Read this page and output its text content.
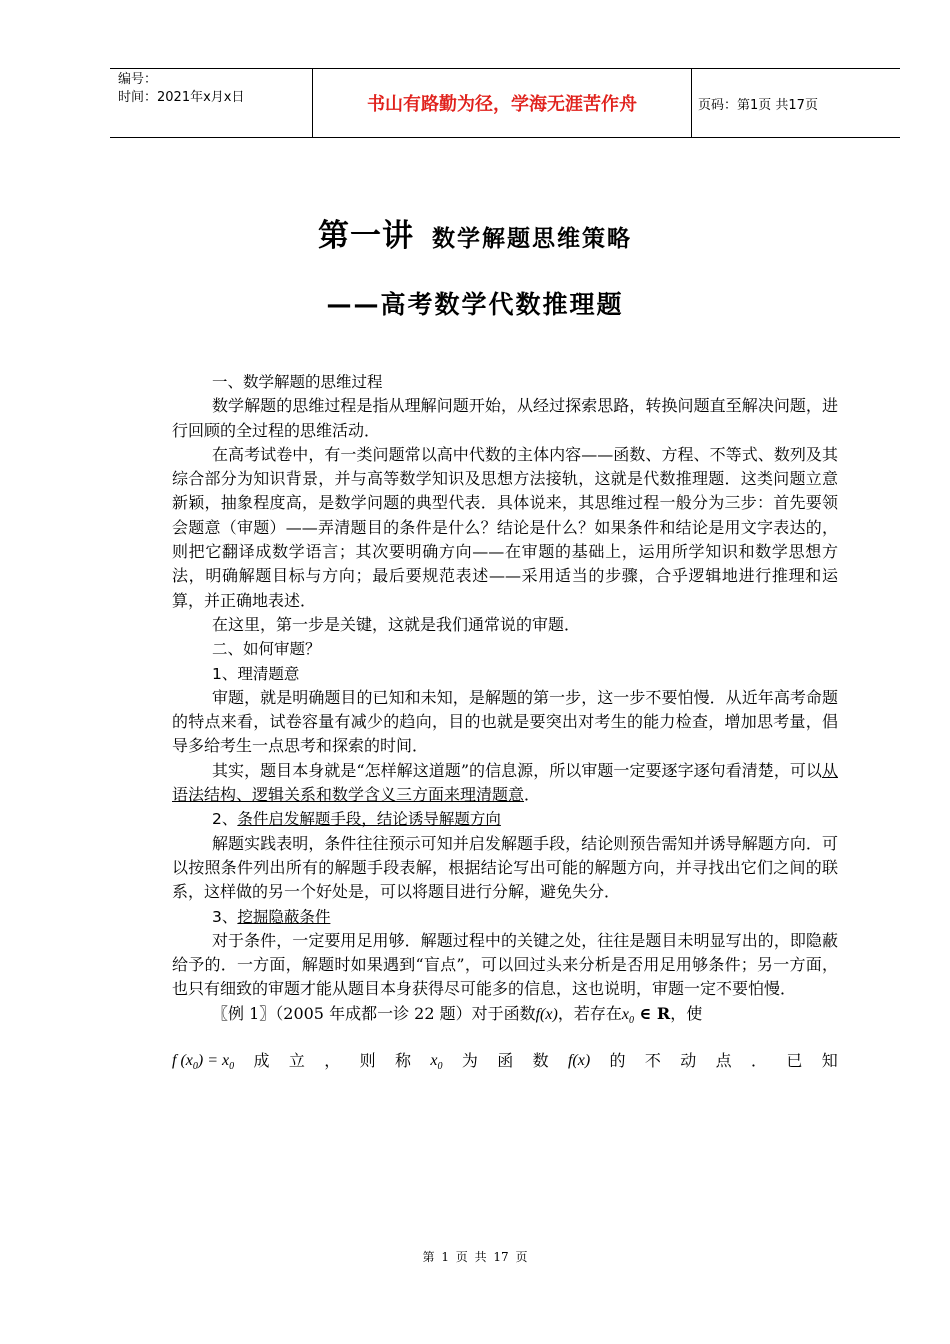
编号：
时间：2021年x月x日	书山有路勤为径，学海无涯苦作舟	页码：第1页 共17页
第一讲 数学解题思维策略
——高考数学代数推理题

一、数学解题的思维过程

数学解题的思维过程是指从理解问题开始，从经过探索思路，转换问题直至解决问题，进行回顾的全过程的思维活动．

在高考试卷中，有一类问题常以高中代数的主体内容——函数、方程、不等式、数列及其综合部分为知识背景，并与高等数学知识及思想方法接轨，这就是代数推理题．这类问题立意新颖，抽象程度高，是数学问题的典型代表．具体说来，其思维过程一般分为三步：首先要领会题意（审题）——弄清题目的条件是什么？结论是什么？如果条件和结论是用文字表达的，则把它翻译成数学语言；其次要明确方向——在审题的基础上，运用所学知识和数学思想方法，明确解题目标与方向；最后要规范表述——采用适当的步骤，合乎逻辑地进行推理和运算，并正确地表述．

在这里，第一步是关键，这就是我们通常说的审题．

二、如何审题？

1、理清题意

审题，就是明确题目的已知和未知，是解题的第一步，这一步不要怕慢．从近年高考命题的特点来看，试卷容量有减少的趋向，目的也就是要突出对考生的能力检查，增加思考量，倡导多给考生一点思考和探索的时间．

其实，题目本身就是“怎样解这道题”的信息源，所以审题一定要逐字逐句看清楚，可以从语法结构、逻辑关系和数学含义三方面来理清题意．

2、条件启发解题手段，结论诱导解题方向

解题实践表明，条件往往预示可知并启发解题手段，结论则预告需知并诱导解题方向．可以按照条件列出所有的解题手段表解，根据结论写出可能的解题方向，并寻找出它们之间的联系，这样做的另一个好处是，可以将题目进行分解，避免失分．

3、挖掘隐蔽条件

对于条件，一定要用足用够．解题过程中的关键之处，往往是题目未明显写出的，即隐蔽给予的．一方面，解题时如果遇到“盲点”，可以回过头来分析是否用足用够条件；另一方面，也只有细致的审题才能从题目本身获得尽可能多的信息，这也说明，审题一定不要怕慢．

〖例 1〗（2005 年成都一诊 22 题）对于函数f(x)，若存在$x_0$ ∈ R，使

f $(x_0) = x_0$ 成 立 ， 则 称 $x_0$ 为 函 数 f(x) 的 不 动 点 ． 已 知
第 1 页 共 17 页
